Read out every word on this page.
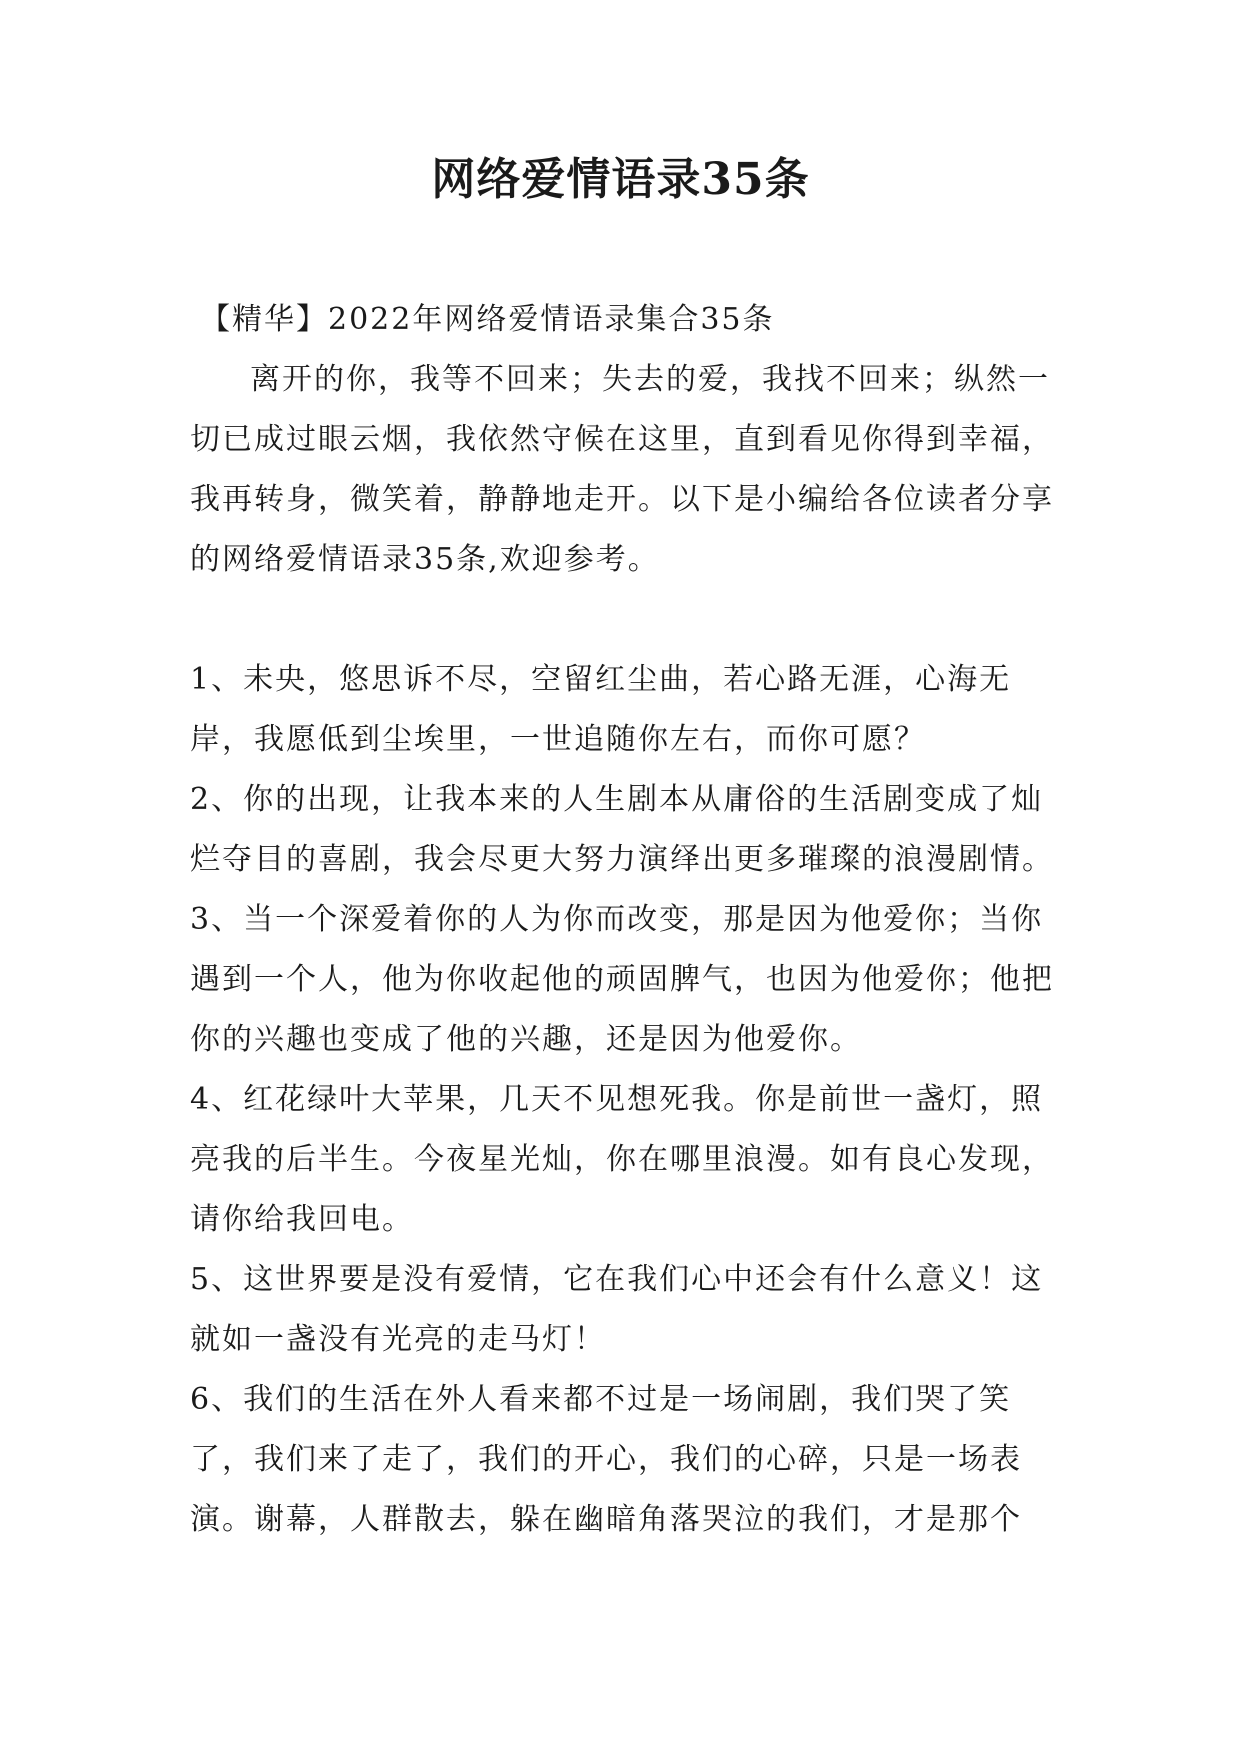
网络爱情语录35条

【精华】2022年网络爱情语录集合35条

离开的你，我等不回来；失去的爱，我找不回来；纵然一切已成过眼云烟，我依然守候在这里，直到看见你得到幸福，我再转身，微笑着，静静地走开。以下是小编给各位读者分享的网络爱情语录35条,欢迎参考。

1、未央，悠思诉不尽，空留红尘曲，若心路无涯，心海无岸，我愿低到尘埃里，一世追随你左右，而你可愿？

2、你的出现，让我本来的人生剧本从庸俗的生活剧变成了灿烂夺目的喜剧，我会尽更大努力演绎出更多璀璨的浪漫剧情。

3、当一个深爱着你的人为你而改变，那是因为他爱你；当你遇到一个人，他为你收起他的顽固脾气，也因为他爱你；他把你的兴趣也变成了他的兴趣，还是因为他爱你。

4、红花绿叶大苹果，几天不见想死我。你是前世一盏灯，照亮我的后半生。今夜星光灿，你在哪里浪漫。如有良心发现，请你给我回电。

5、这世界要是没有爱情，它在我们心中还会有什么意义！这就如一盏没有光亮的走马灯！

6、我们的生活在外人看来都不过是一场闹剧，我们哭了笑了，我们来了走了，我们的开心，我们的心碎，只是一场表演。谢幕，人群散去，躲在幽暗角落哭泣的我们，才是那个
